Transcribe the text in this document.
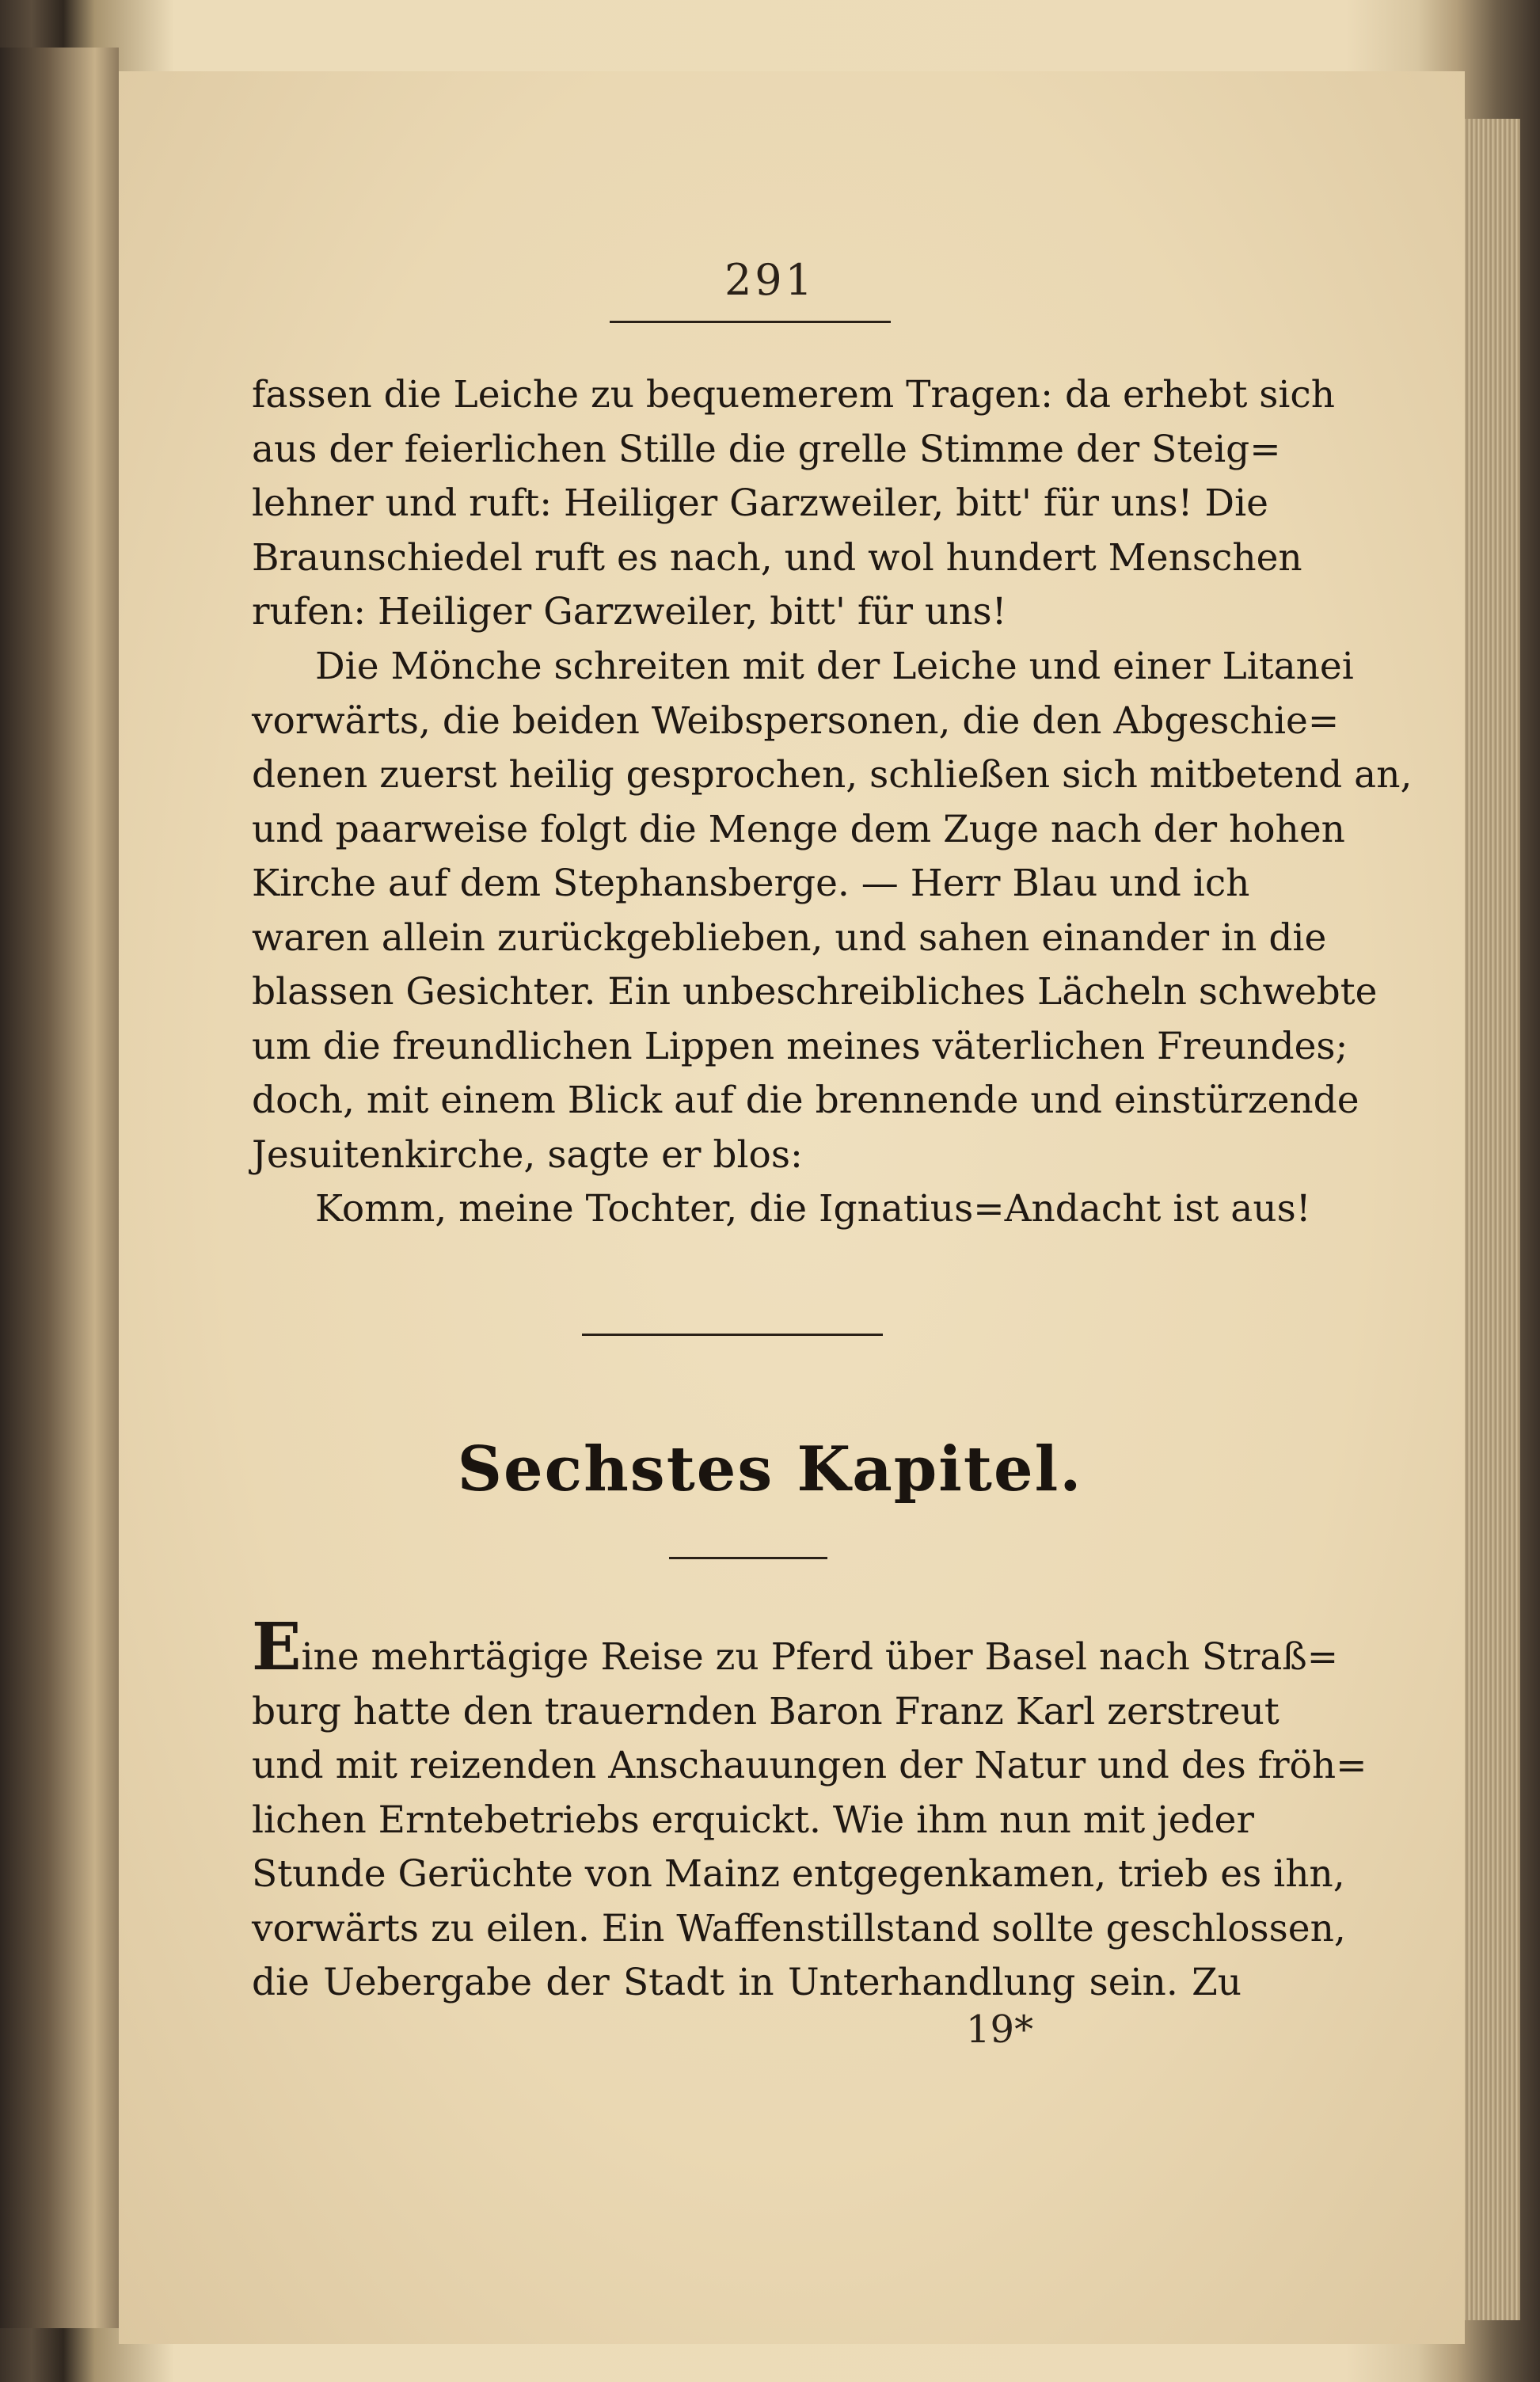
291
fassen die Leiche zu bequemerem Tragen: da erhebt sich
aus der feierlichen Stille die grelle Stimme der Steig=
lehner und ruft: Heiliger Garzweiler, bitt' für uns! Die
Braunschiedel ruft es nach, und wol hundert Menschen
rufen: Heiliger Garzweiler, bitt' für uns!
Die Mönche schreiten mit der Leiche und einer Litanei
vorwärts, die beiden Weibspersonen, die den Abgeschie=
denen zuerst heilig gesprochen, schließen sich mitbetend an,
und paarweise folgt die Menge dem Zuge nach der hohen
Kirche auf dem Stephansberge. — Herr Blau und ich
waren allein zurückgeblieben, und sahen einander in die
blassen Gesichter. Ein unbeschreibliches Lächeln schwebte
um die freundlichen Lippen meines väterlichen Freundes;
doch, mit einem Blick auf die brennende und einstürzende
Jesuitenkirche, sagte er blos:
Komm, meine Tochter, die Ignatius=Andacht ist aus!
Sechstes Kapitel.
Eine mehrtägige Reise zu Pferd über Basel nach Straß=
burg hatte den trauernden Baron Franz Karl zerstreut
und mit reizenden Anschauungen der Natur und des fröh=
lichen Erntebetriebs erquickt. Wie ihm nun mit jeder
Stunde Gerüchte von Mainz entgegenkamen, trieb es ihn,
vorwärts zu eilen. Ein Waffenstillstand sollte geschlossen,
die Uebergabe der Stadt in Unterhandlung sein. Zu
19*
